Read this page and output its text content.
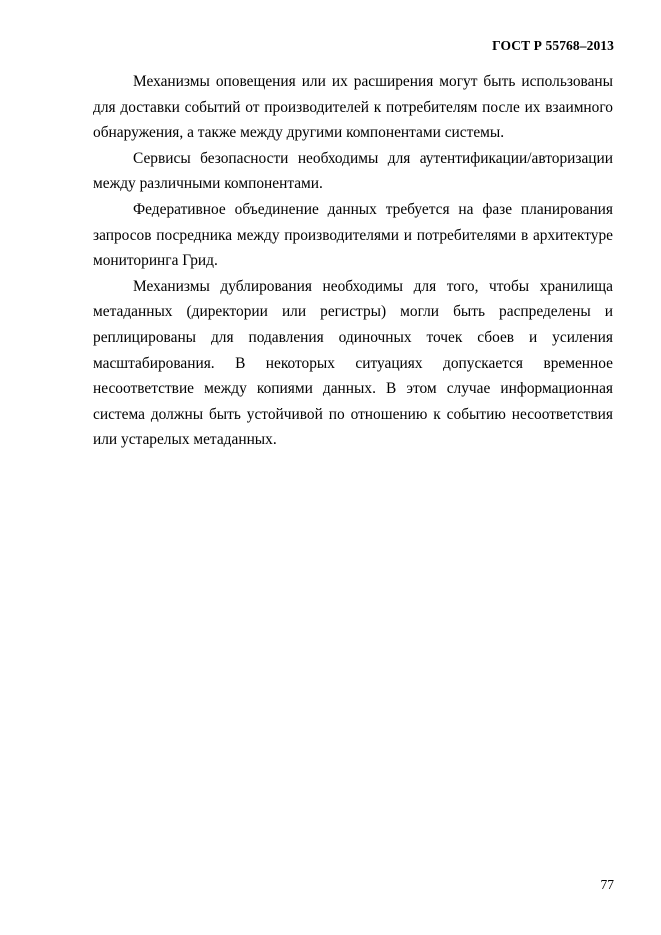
ГОСТ Р 55768–2013

Механизмы оповещения или их расширения могут быть использованы для доставки событий от производителей к потребителям после их взаимного обнаружения, а также между другими компонентами системы.

Сервисы безопасности необходимы для аутентификации/авторизации между различными компонентами.

Федеративное объединение данных требуется на фазе планирования запросов посредника между производителями и потребителями в архитектуре мониторинга Грид.

Механизмы дублирования необходимы для того, чтобы хранилища метаданных (директории или регистры) могли быть распределены и реплицированы для подавления одиночных точек сбоев и усиления масштабирования. В некоторых ситуациях допускается временное несоответствие между копиями данных. В этом случае информационная система должны быть устойчивой по отношению к событию несоответствия или устарелых метаданных.

77
